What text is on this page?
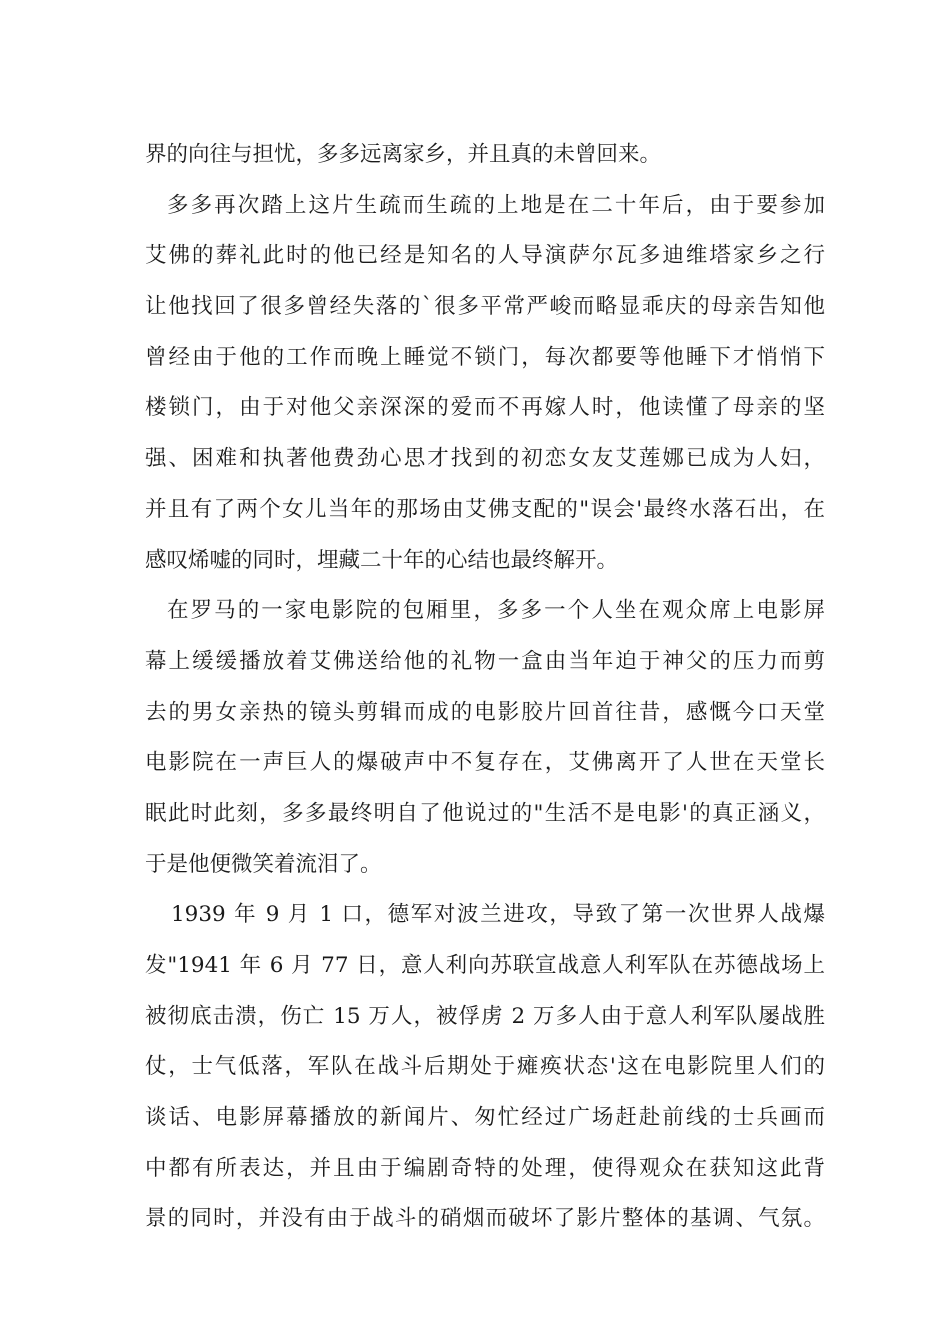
界的向往与担忧，多多远离家乡，并且真的未曾回来。
多多再次踏上这片生疏而生疏的上地是在二十年后，由于要参加
艾佛的葬礼此时的他已经是知名的人导演萨尔瓦多迪维塔家乡之行
让他找回了很多曾经失落的`很多平常严峻而略显乖庆的母亲告知他
曾经由于他的工作而晚上睡觉不锁门，每次都要等他睡下才悄悄下
楼锁门，由于对他父亲深深的爱而不再嫁人时，他读懂了母亲的坚
强、困难和执著他费劲心思才找到的初恋女友艾莲娜已成为人妇，
并且有了两个女儿当年的那场由艾佛支配的"误会'最终水落石出，在
感叹烯嘘的同时，埋藏二十年的心结也最终解开。
在罗马的一家电影院的包厢里，多多一个人坐在观众席上电影屏
幕上缓缓播放着艾佛送给他的礼物一盒由当年迫于神父的压力而剪
去的男女亲热的镜头剪辑而成的电影胶片回首往昔，感慨今口天堂
电影院在一声巨人的爆破声中不复存在，艾佛离开了人世在天堂长
眠此时此刻，多多最终明自了他说过的"生活不是电影'的真正涵义，
于是他便微笑着流泪了。
1939 年 9 月 1 口，德军对波兰进攻，导致了第一次世界人战爆
发"1941 年 6 月 77 日，意人利向苏联宣战意人利军队在苏德战场上
被彻底击溃，伤亡 15 万人，被俘虏 2 万多人由于意人利军队屡战胜
仗，士气低落，军队在战斗后期处于瘫痪状态'这在电影院里人们的
谈话、电影屏幕播放的新闻片、匆忙经过广场赶赴前线的士兵画而
中都有所表达，并且由于编剧奇特的处理，使得观众在获知这此背
景的同时，并没有由于战斗的硝烟而破坏了影片整体的基调、气氛。
